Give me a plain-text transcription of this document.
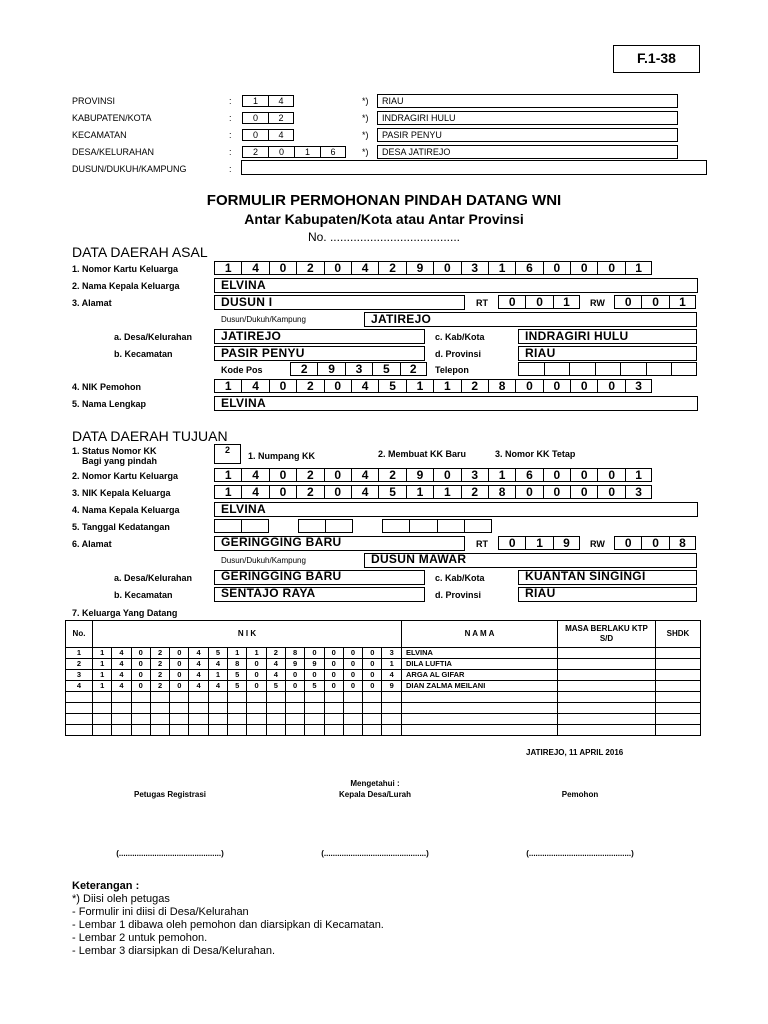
F.1-38
PROVINSI	:	1	4	*) RIAU
KABUPATEN/KOTA	:	0	2	*) INDRAGIRI HULU
KECAMATAN	:	0	4	*) PASIR PENYU
DESA/KELURAHAN	:	2	0	1	6	*) DESA JATIREJO
DUSUN/DUKUH/KAMPUNG	:
FORMULIR PERMOHONAN PINDAH DATANG WNI
Antar Kabupaten/Kota atau Antar Provinsi
No. .......................................
DATA DAERAH ASAL
1. Nomor Kartu Keluarga	1	4	0	2	0	4	2	9	0	3	1	6	0	0	0	1
2. Nama Kepala Keluarga	ELVINA
3. Alamat	DUSUN I	RT	0	0	1	RW	0	0	1
Dusun/Dukuh/Kampung	JATIREJO
a. Desa/Kelurahan JATIREJO	c. Kab/Kota	INDRAGIRI HULU
b. Kecamatan	PASIR PENYU	d. Provinsi	RIAU
Kode Pos	2	9	3	5	2	Telepon
4. NIK Pemohon	1	4	0	2	0	4	5	1	1	2	8	0	0	0	0	3
5. Nama Lengkap	ELVINA
DATA DAERAH TUJUAN
1. Status Nomor KK
Bagi yang pindah
2
1. Numpang KK	2. Membuat KK Baru	3. Nomor KK Tetap
2. Nomor Kartu Keluarga	1	4	0	2	0	4	2	9	0	3	1	6	0	0	0	1
3. NIK Kepala Keluarga	1	4	0	2	0	4	5	1	1	2	8	0	0	0	0	3
4. Nama Kepala Keluarga	ELVINA
5. Tanggal Kedatangan
6. Alamat	GERINGGING BARU	RT	0	1	9	RW	0	0	8
Dusun/Dukuh/Kampung	DUSUN MAWAR
a. Desa/Kelurahan GERINGGING BARU	c. Kab/Kota	KUANTAN SINGINGI
b. Kecamatan	SENTAJO RAYA	d. Provinsi	RIAU
7. Keluarga Yang Datang
No.	N I K																N A M A	MASA BERLAKU KTP S/D	SHDK
1	1	4	0	2	0	4	5	1	1	2	8	0	0	0	0	3	ELVINA		
2	1	4	0	2	0	4	4	8	0	4	9	9	0	0	0	1	DILA LUFTIA		
3	1	4	0	2	0	4	1	5	0	4	0	0	0	0	0	4	ARGA AL GIFAR		
4	1	4	0	2	0	4	4	5	0	5	0	5	0	0	0	9	DIAN ZALMA MEILANI		

JATIREJO, 11 APRIL 2016
Mengetahui :
Petugas Registrasi	Kepala Desa/Lurah	Pemohon
(..............................................)	(..............................................)	(..............................................)
Keterangan :
*) Diisi oleh petugas
- Formulir ini diisi di Desa/Kelurahan
- Lembar 1 dibawa oleh pemohon dan diarsipkan di Kecamatan.
- Lembar 2 untuk pemohon.
- Lembar 3 diarsipkan di Desa/Kelurahan.
